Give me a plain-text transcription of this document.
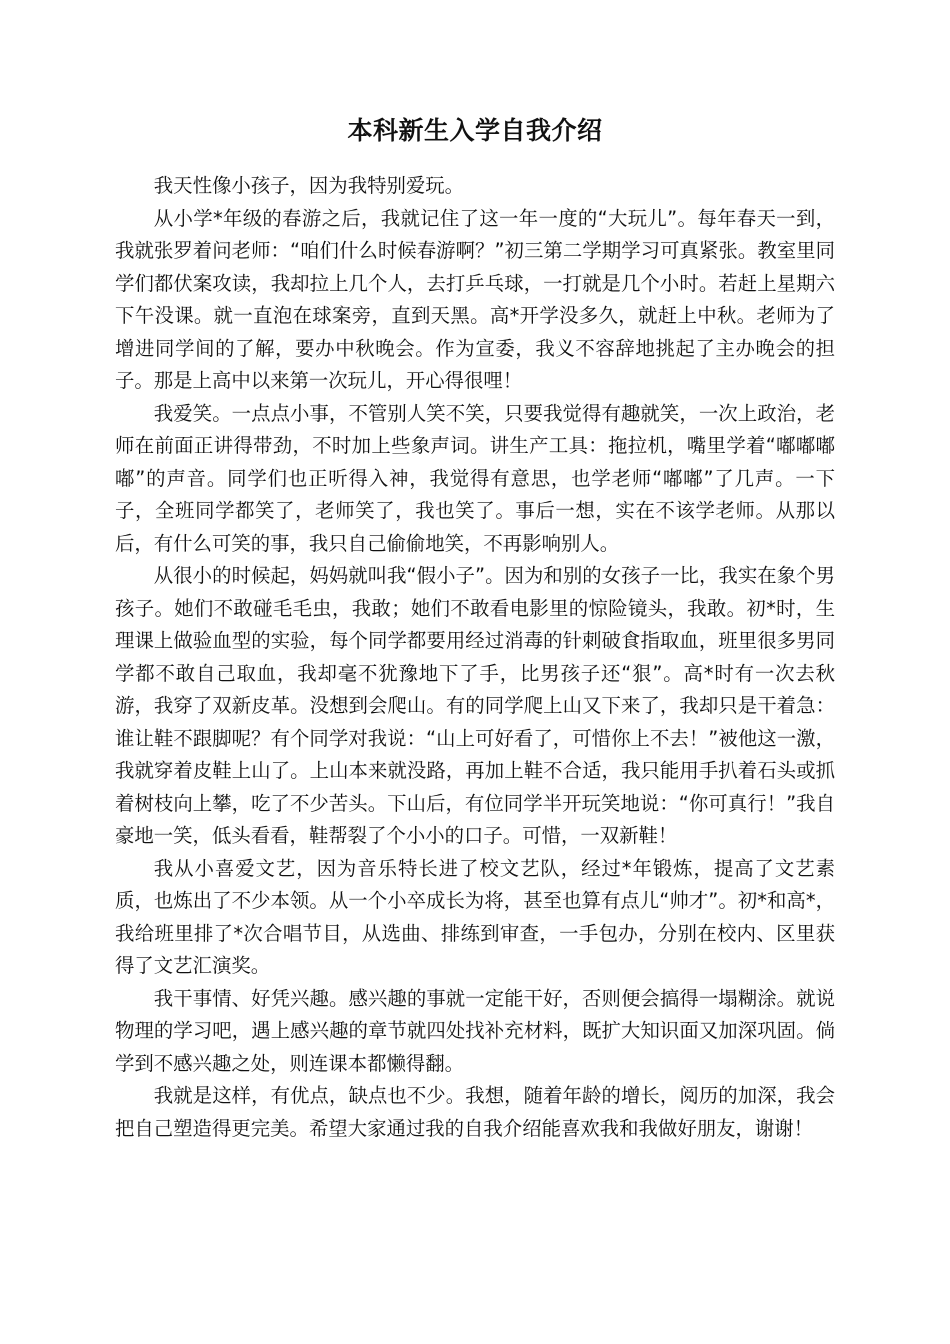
本科新生入学自我介绍

我天性像小孩子，因为我特别爱玩。

从小学*年级的春游之后，我就记住了这一年一度的“大玩儿”。每年春天一到，我就张罗着问老师：“咱们什么时候春游啊？”初三第二学期学习可真紧张。教室里同学们都伏案攻读，我却拉上几个人，去打乒乓球，一打就是几个小时。若赶上星期六下午没课。就一直泡在球案旁，直到天黑。高*开学没多久，就赶上中秋。老师为了增进同学间的了解，要办中秋晚会。作为宣委，我义不容辞地挑起了主办晚会的担子。那是上高中以来第一次玩儿，开心得很哩！

我爱笑。一点点小事，不管别人笑不笑，只要我觉得有趣就笑，一次上政治，老师在前面正讲得带劲，不时加上些象声词。讲生产工具：拖拉机，嘴里学着“嘟嘟嘟嘟”的声音。同学们也正听得入神，我觉得有意思，也学老师“嘟嘟”了几声。一下子，全班同学都笑了，老师笑了，我也笑了。事后一想，实在不该学老师。从那以后，有什么可笑的事，我只自己偷偷地笑，不再影响别人。

从很小的时候起，妈妈就叫我“假小子”。因为和别的女孩子一比，我实在象个男孩子。她们不敢碰毛毛虫，我敢；她们不敢看电影里的惊险镜头，我敢。初*时，生理课上做验血型的实验，每个同学都要用经过消毒的针刺破食指取血，班里很多男同学都不敢自己取血，我却毫不犹豫地下了手，比男孩子还“狠”。高*时有一次去秋游，我穿了双新皮革。没想到会爬山。有的同学爬上山又下来了，我却只是干着急：谁让鞋不跟脚呢？有个同学对我说：“山上可好看了，可惜你上不去！”被他这一激，我就穿着皮鞋上山了。上山本来就没路，再加上鞋不合适，我只能用手扒着石头或抓着树枝向上攀，吃了不少苦头。下山后，有位同学半开玩笑地说：“你可真行！”我自豪地一笑，低头看看，鞋帮裂了个小小的口子。可惜，一双新鞋！

我从小喜爱文艺，因为音乐特长进了校文艺队，经过*年锻炼，提高了文艺素质，也炼出了不少本领。从一个小卒成长为将，甚至也算有点儿“帅才”。初*和高*，我给班里排了*次合唱节目，从选曲、排练到审查，一手包办，分别在校内、区里获得了文艺汇演奖。

我干事情、好凭兴趣。感兴趣的事就一定能干好，否则便会搞得一塌糊涂。就说物理的学习吧，遇上感兴趣的章节就四处找补充材料，既扩大知识面又加深巩固。倘学到不感兴趣之处，则连课本都懒得翻。

我就是这样，有优点，缺点也不少。我想，随着年龄的增长，阅历的加深，我会把自己塑造得更完美。希望大家通过我的自我介绍能喜欢我和我做好朋友，谢谢！
